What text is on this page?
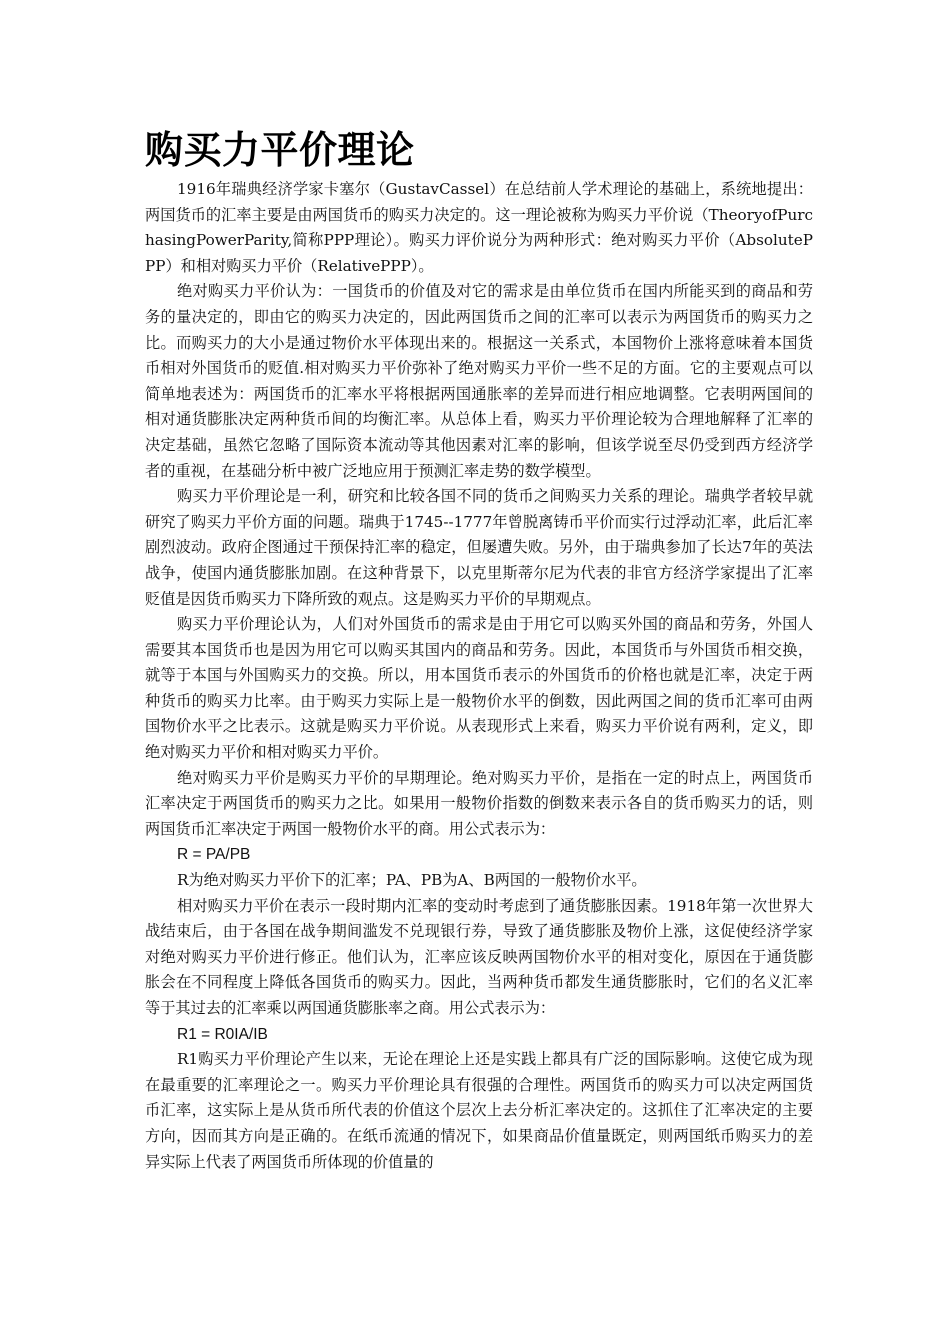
购买力平价理论

1916年瑞典经济学家卡塞尔（GustavCassel）在总结前人学术理论的基础上，系统地提出：两国货币的汇率主要是由两国货币的购买力决定的。这一理论被称为购买力平价说（TheoryofPurchasingPowerParity,简称PPP理论）。购买力评价说分为两种形式：绝对购买力平价（AbsolutePPP）和相对购买力平价（RelativePPP）。

绝对购买力平价认为：一国货币的价值及对它的需求是由单位货币在国内所能买到的商品和劳务的量决定的，即由它的购买力决定的，因此两国货币之间的汇率可以表示为两国货币的购买力之比。而购买力的大小是通过物价水平体现出来的。根据这一关系式，本国物价上涨将意味着本国货币相对外国货币的贬值.相对购买力平价弥补了绝对购买力平价一些不足的方面。它的主要观点可以简单地表述为：两国货币的汇率水平将根据两国通胀率的差异而进行相应地调整。它表明两国间的相对通货膨胀决定两种货币间的均衡汇率。从总体上看，购买力平价理论较为合理地解释了汇率的决定基础，虽然它忽略了国际资本流动等其他因素对汇率的影响，但该学说至尽仍受到西方经济学者的重视，在基础分析中被广泛地应用于预测汇率走势的数学模型。

购买力平价理论是一利，研究和比较各国不同的货币之间购买力关系的理论。瑞典学者较早就研究了购买力平价方面的问题。瑞典于1745--1777年曾脱离铸币平价而实行过浮动汇率，此后汇率剧烈波动。政府企图通过干预保持汇率的稳定，但屡遭失败。另外，由于瑞典参加了长达7年的英法战争，使国内通货膨胀加剧。在这种背景下，以克里斯蒂尔尼为代表的非官方经济学家提出了汇率贬值是因货币购买力下降所致的观点。这是购买力平价的早期观点。

购买力平价理论认为，人们对外国货币的需求是由于用它可以购买外国的商品和劳务，外国人需要其本国货币也是因为用它可以购买其国内的商品和劳务。因此，本国货币与外国货币相交换，就等于本国与外国购买力的交换。所以，用本国货币表示的外国货币的价格也就是汇率，决定于两种货币的购买力比率。由于购买力实际上是一般物价水平的倒数，因此两国之间的货币汇率可由两国物价水平之比表示。这就是购买力平价说。从表现形式上来看，购买力平价说有两利，定义，即绝对购买力平价和相对购买力平价。

绝对购买力平价是购买力平价的早期理论。绝对购买力平价，是指在一定的时点上，两国货币汇率决定于两国货币的购买力之比。如果用一般物价指数的倒数来表示各自的货币购买力的话，则两国货币汇率决定于两国一般物价水平的商。用公式表示为：

R = PA/PB

R为绝对购买力平价下的汇率；PA、PB为A、B两国的一般物价水平。

相对购买力平价在表示一段时期内汇率的变动时考虑到了通货膨胀因素。1918年第一次世界大战结束后，由于各国在战争期间滥发不兑现银行券，导致了通货膨胀及物价上涨，这促使经济学家对绝对购买力平价进行修正。他们认为，汇率应该反映两国物价水平的相对变化，原因在于通货膨胀会在不同程度上降低各国货币的购买力。因此，当两种货币都发生通货膨胀时，它们的名义汇率等于其过去的汇率乘以两国通货膨胀率之商。用公式表示为：

R1 = R0IA/IB

R1购买力平价理论产生以来，无论在理论上还是实践上都具有广泛的国际影响。这使它成为现在最重要的汇率理论之一。购买力平价理论具有很强的合理性。两国货币的购买力可以决定两国货币汇率，这实际上是从货币所代表的价值这个层次上去分析汇率决定的。这抓住了汇率决定的主要方向，因而其方向是正确的。在纸币流通的情况下，如果商品价值量既定，则两国纸币购买力的差异实际上代表了两国货币所体现的价值量的
